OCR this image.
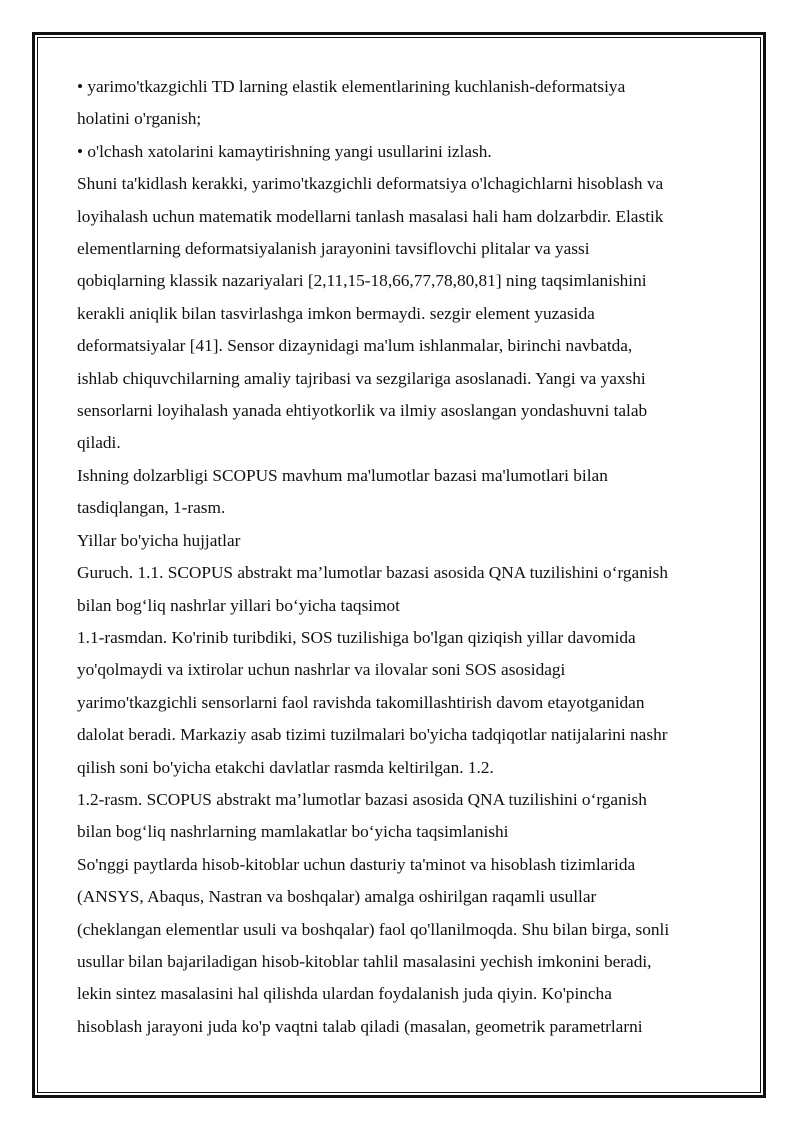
• yarimo'tkazgichli TD larning elastik elementlarining kuchlanish-deformatsiya

holatini o'rganish;

• o'lchash xatolarini kamaytirishning yangi usullarini izlash.

Shuni ta'kidlash kerakki, yarimo'tkazgichli deformatsiya o'lchagichlarni hisoblash va

loyihalash uchun matematik modellarni tanlash masalasi hali ham dolzarbdir. Elastik

elementlarning deformatsiyalanish jarayonini tavsiflovchi plitalar va yassi

qobiqlarning klassik nazariyalari [2,11,15-18,66,77,78,80,81] ning taqsimlanishini

kerakli aniqlik bilan tasvirlashga imkon bermaydi. sezgir element yuzasida

deformatsiyalar [41]. Sensor dizaynidagi ma'lum ishlanmalar, birinchi navbatda,

ishlab chiquvchilarning amaliy tajribasi va sezgilariga asoslanadi. Yangi va yaxshi

sensorlarni loyihalash yanada ehtiyotkorlik va ilmiy asoslangan yondashuvni talab

qiladi.

Ishning dolzarbligi SCOPUS mavhum ma'lumotlar bazasi ma'lumotlari bilan

tasdiqlangan, 1-rasm.

Yillar bo'yicha hujjatlar

Guruch. 1.1. SCOPUS abstrakt ma’lumotlar bazasi asosida QNA tuzilishini o‘rganish

bilan bog‘liq nashrlar yillari bo‘yicha taqsimot

1.1-rasmdan. Ko'rinib turibdiki, SOS tuzilishiga bo'lgan qiziqish yillar davomida

yo'qolmaydi va ixtirolar uchun nashrlar va ilovalar soni SOS asosidagi

yarimo'tkazgichli sensorlarni faol ravishda takomillashtirish davom etayotganidan

dalolat beradi. Markaziy asab tizimi tuzilmalari bo'yicha tadqiqotlar natijalarini nashr

qilish soni bo'yicha etakchi davlatlar rasmda keltirilgan. 1.2.

1.2-rasm. SCOPUS abstrakt ma’lumotlar bazasi asosida QNA tuzilishini o‘rganish

bilan bog‘liq nashrlarning mamlakatlar bo‘yicha taqsimlanishi

So'nggi paytlarda hisob-kitoblar uchun dasturiy ta'minot va hisoblash tizimlarida

(ANSYS, Abaqus, Nastran va boshqalar) amalga oshirilgan raqamli usullar

(cheklangan elementlar usuli va boshqalar) faol qo'llanilmoqda. Shu bilan birga, sonli

usullar bilan bajariladigan hisob-kitoblar tahlil masalasini yechish imkonini beradi,

lekin sintez masalasini hal qilishda ulardan foydalanish juda qiyin. Ko'pincha

hisoblash jarayoni juda ko'p vaqtni talab qiladi (masalan, geometrik parametrlarni
